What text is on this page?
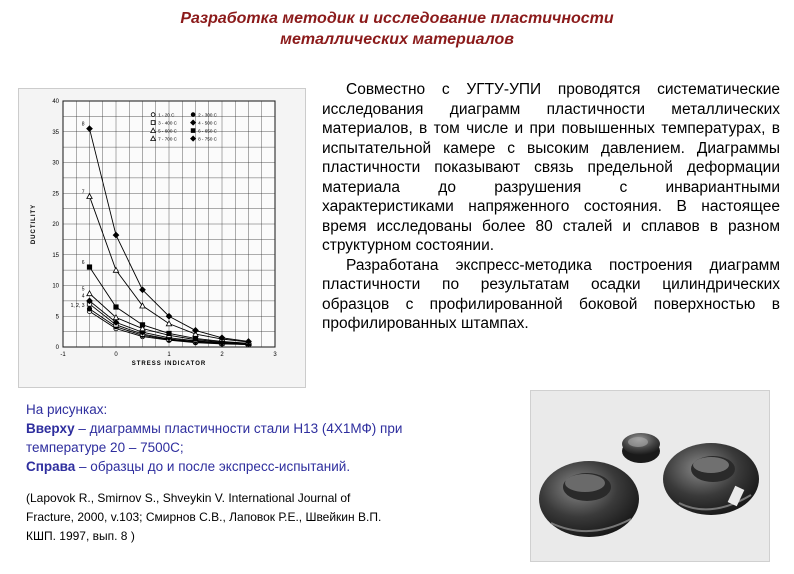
Разработка методик и исследование пластичности
металлических материалов
-1	0	1	2	3
0
5
10
15
20
25
30
35
40
STRESS INDICATOR
DUCTILITY
1, 2, 3
4
5
6
7
8
1 - 20 C	2 - 300 C
3 - 400 C	4 - 500 C
5 - 600 C	6 - 650 C
7 - 700 C	8 - 750 C

Совместно с УГТУ-УПИ проводятся систематические исследования диаграмм пластичности металлических материалов, в том числе и при повышенных температурах, в испытательной камере с высоким давлением. Диаграммы пластичности показывают связь предельной деформации материала до разрушения с инвариантными характеристиками напряженного состояния. В настоящее время исследованы более 80 сталей и сплавов в разном структурном состоянии.

Разработана экспресс-методика построения диаграмм пластичности по результатам осадки цилиндрических образцов с профилированной боковой поверхностью в профилированных штампах.

На рисунках:
Вверху – диаграммы пластичности стали Н13 (4Х1МФ) при температуре 20 – 7500С;
Справа – образцы до и после экспресс-испытаний.
(Lapovok R., Smirnov S., Shveykin V. International Journal of
Fracture, 2000, v.103; Смирнов С.В., Лаповок Р.Е., Швейкин В.П.
КШП. 1997, вып. 8 )
